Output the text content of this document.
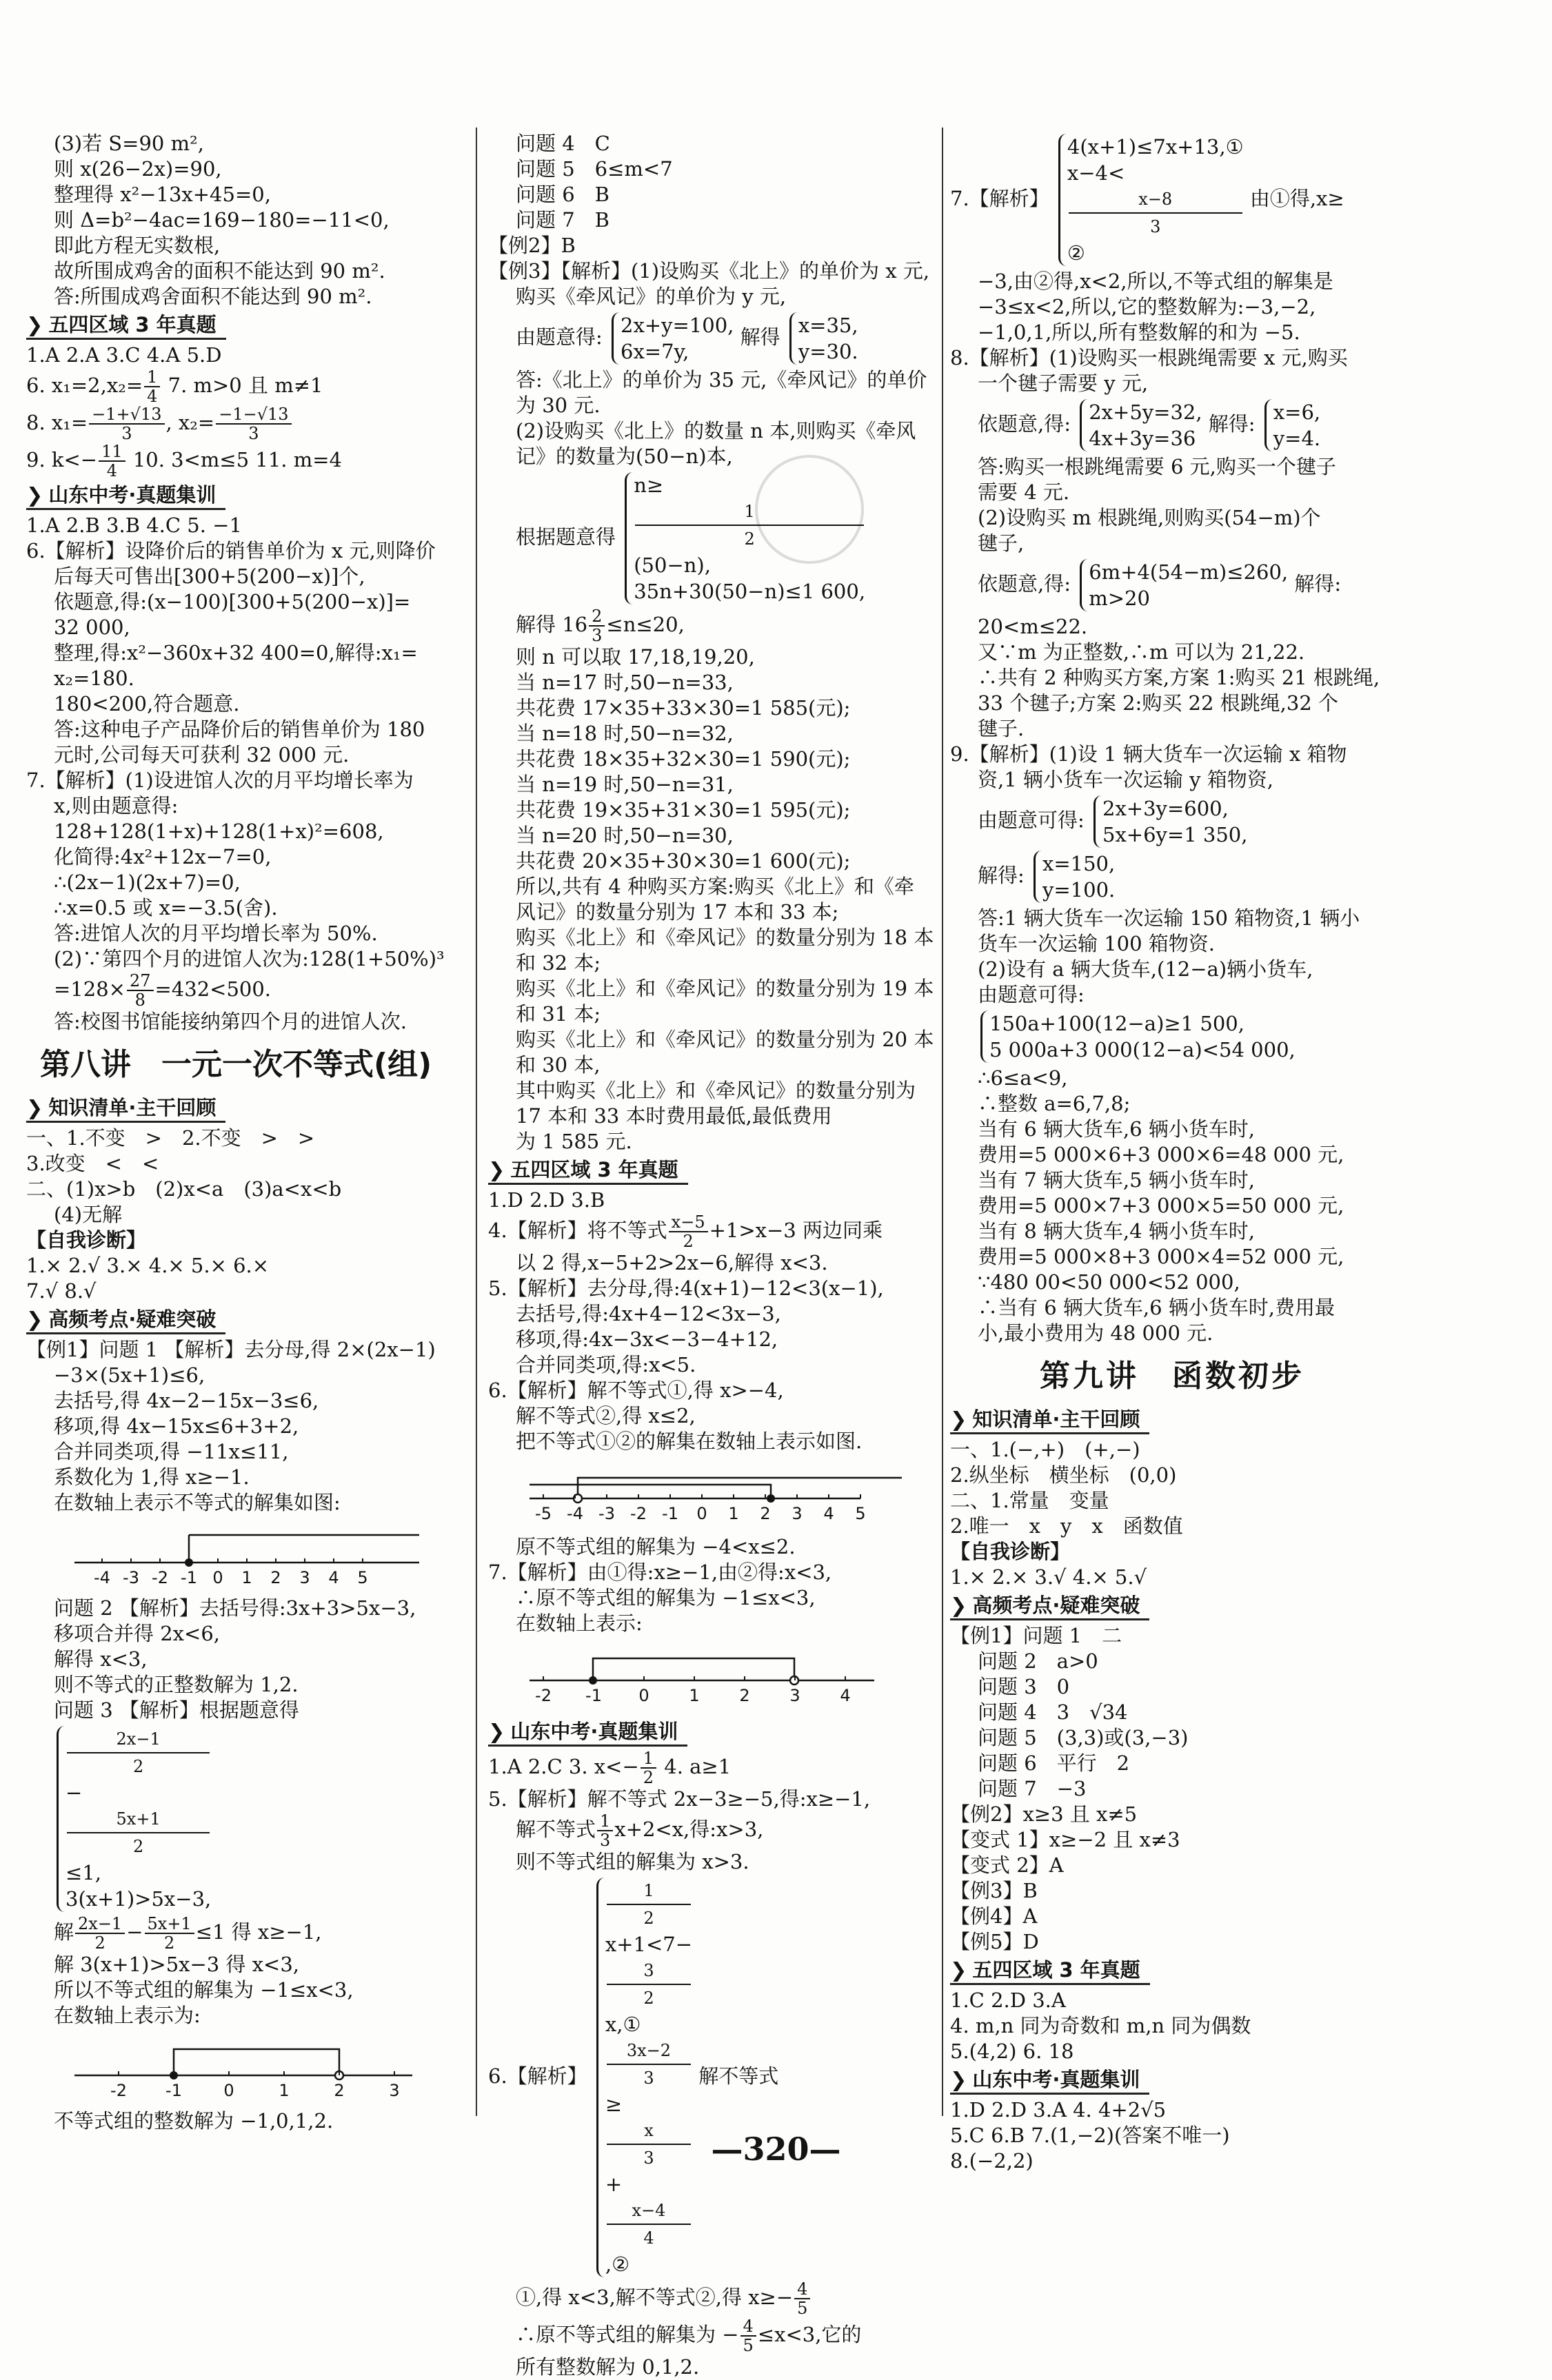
(3)若 S=90 m²,
则 x(26−2x)=90,
整理得 x²−13x+45=0,
则 Δ=b²−4ac=169−180=−11<0,
即此方程无实数根,
故所围成鸡舍的面积不能达到 90 m².
答:所围成鸡舍面积不能达到 90 m².
❯ 五四区域 3 年真题
1.A 2.A 3.C 4.A 5.D
6. $x_1=2,x_2= \frac{1}{4} 7$. m>0 且 m≠1
8. $x_1= \frac{-1+√13}{3}$ , $x_2= \frac{-1-√13}{3}$
9. $k<- \frac{11}{4} 10$. 3<m≤5 11. m=4
❯ 山东中考·真题集训
1.A 2.B 3.B 4.C 5. −1
6.【解析】设降价后的销售单价为 x 元,则降价
后每天可售出[300+5(200−x)]个,
依题意,得:(x−100)[300+5(200−x)]=
32 000,
整理,得:x²−360x+32 400=0,解得:x₁=
x₂=180.
180<200,符合题意.
答:这种电子产品降价后的销售单价为 180
元时,公司每天可获利 32 000 元.
7.【解析】(1)设进馆人次的月平均增长率为
x,则由题意得:
128+128(1+x)+128(1+x)²=608,
化简得:4x²+12x−7=0,
∴(2x−1)(2x+7)=0,
∴x=0.5 或 x=−3.5(舍).
答:进馆人次的月平均增长率为 50%.
(2)∵第四个月的进馆人次为:128(1+50%)³
$=128\times \frac{27}{8} =432<500$.
答:校图书馆能接纳第四个月的进馆人次.
第八讲　一元一次不等式(组)
❯ 知识清单·主干回顾
一、1.不变　>　2.不变　>　>
3.改变　<　<
二、(1)x>b　(2)x<a　(3)a<x<b
(4)无解
【自我诊断】
1.× 2.√ 3.× 4.× 5.× 6.×
7.√ 8.√
❯ 高频考点·疑难突破
【例1】问题 1 【解析】去分母,得 2×(2x−1)
−3×(5x+1)≤6,
去括号,得 4x−2−15x−3≤6,
移项,得 4x−15x≤6+3+2,
合并同类项,得 −11x≤11,
系数化为 1,得 x≥−1.
在数轴上表示不等式的解集如图:
-4 -3 -2 -1 0 1 2 3 4 5
问题 2 【解析】去括号得:3x+3>5x−3,
移项合并得 2x<6,
解得 x<3,
则不等式的正整数解为 1,2.
问题 3 【解析】根据题意得
2x−1
2
−
5x+1
2
≤1,
3(x+1)>5x−3,
解 $\frac{2x-1}{2} - \frac{5x+1}{2} \le 1$ 得 x≥−1,
解 3(x+1)>5x−3 得 x<3,
所以不等式组的解集为 −1≤x<3,
在数轴上表示为:
-2 -1	0	1	2	3
不等式组的整数解为 −1,0,1,2.
问题 4　C
问题 5　6≤m<7
问题 6　B
问题 7　B
【例2】B
【例3】【解析】(1)设购买《北上》的单价为 x 元,
购买《牵风记》的单价为 y 元,
由题意得: 2x+y=100,
6x=7y,
解得 x=35,
y=30.
答:《北上》的单价为 35 元,《牵风记》的单价
为 30 元.
(2)设购买《北上》的数量 n 本,则购买《牵风
记》的数量为(50−n)本,
根据题意得
n≥
1
2
(50−n),
35n+30(50−n)≤1 600,
解得 $16 \frac{2}{3} \le n\le 20$,
则 n 可以取 17,18,19,20,
当 n=17 时,50−n=33,
共花费 17×35+33×30=1 585(元);
当 n=18 时,50−n=32,
共花费 18×35+32×30=1 590(元);
当 n=19 时,50−n=31,
共花费 19×35+31×30=1 595(元);
当 n=20 时,50−n=30,
共花费 20×35+30×30=1 600(元);
所以,共有 4 种购买方案:购买《北上》和《牵
风记》的数量分别为 17 本和 33 本;
购买《北上》和《牵风记》的数量分别为 18 本
和 32 本;
购买《北上》和《牵风记》的数量分别为 19 本
和 31 本;
购买《北上》和《牵风记》的数量分别为 20 本
和 30 本,
其中购买《北上》和《牵风记》的数量分别为
17 本和 33 本时费用最低,最低费用
为 1 585 元.
❯ 五四区域 3 年真题
1.D 2.D 3.B
4.【解析】将不等式 $\frac{x-5}{2} +1>x-3$ 两边同乘
以 2 得,x−5+2>2x−6,解得 x<3.
5.【解析】去分母,得:4(x+1)−12<3(x−1),
去括号,得:4x+4−12<3x−3,
移项,得:4x−3x<−3−4+12,
合并同类项,得:x<5.
6.【解析】解不等式①,得 x>−4,
解不等式②,得 x≤2,
把不等式①②的解集在数轴上表示如图.
-5 -4 -3 -2 -1 0 1 2 3 4 5
原不等式组的解集为 −4<x≤2.
7.【解析】由①得:x≥−1,由②得:x<3,
∴原不等式组的解集为 −1≤x<3,
在数轴上表示:
-2 -1 0 1 2 3 4
❯ 山东中考·真题集训
1.A 2.C 3. $x<- \frac{1}{2} 4$. a≥1
5.【解析】解不等式 2x−3≥−5,得:x≥−1,
解不等式 $\frac{1}{3} x+2<x$,得:x>3,
则不等式组的解集为 x>3.
6.【解析】
1
2
x+1<7−
3
2
x,①
3x−2
3
≥
x
3
+
x−4
4
,②
解不等式
①,得 x<3,解不等式②,得 $x\ge- \frac{4}{5}$
∴原不等式组的解集为 − $\frac{4}{5} \le x<3$,它的
所有整数解为 0,1,2.
7.【解析】
4(x+1)≤7x+13,①
x−4<
x−8
3
②
由①得,x≥
−3,由②得,x<2,所以,不等式组的解集是
−3≤x<2,所以,它的整数解为:−3,−2,
−1,0,1,所以,所有整数解的和为 −5.
8.【解析】(1)设购买一根跳绳需要 x 元,购买
一个毽子需要 y 元,
依题意,得: 2x+5y=32,
4x+3y=36
解得: x=6,
y=4.
答:购买一根跳绳需要 6 元,购买一个毽子
需要 4 元.
(2)设购买 m 根跳绳,则购买(54−m)个
毽子,
依题意,得: 6m+4(54−m)≤260,
m>20
解得:
20<m≤22.
又∵m 为正整数,∴m 可以为 21,22.
∴共有 2 种购买方案,方案 1:购买 21 根跳绳,
33 个毽子;方案 2:购买 22 根跳绳,32 个
毽子.
9.【解析】(1)设 1 辆大货车一次运输 x 箱物
资,1 辆小货车一次运输 y 箱物资,
由题意可得: 2x+3y=600,
5x+6y=1 350,
解得: x=150,
y=100.
答:1 辆大货车一次运输 150 箱物资,1 辆小
货车一次运输 100 箱物资.
(2)设有 a 辆大货车,(12−a)辆小货车,
由题意可得:
150a+100(12−a)≥1 500,
5 000a+3 000(12−a)<54 000,
∴6≤a<9,
∴整数 a=6,7,8;
当有 6 辆大货车,6 辆小货车时,
费用=5 000×6+3 000×6=48 000 元,
当有 7 辆大货车,5 辆小货车时,
费用=5 000×7+3 000×5=50 000 元,
当有 8 辆大货车,4 辆小货车时,
费用=5 000×8+3 000×4=52 000 元,
∵480 00<50 000<52 000,
∴当有 6 辆大货车,6 辆小货车时,费用最
小,最小费用为 48 000 元.
第九讲　函数初步
❯ 知识清单·主干回顾
一、1.(−,+)　(+,−)
2.纵坐标　横坐标　(0,0)
二、1.常量　变量
2.唯一　x　y　x　函数值
【自我诊断】
1.× 2.× 3.√ 4.× 5.√
❯ 高频考点·疑难突破
【例1】问题 1　二
问题 2　a>0
问题 3　0
问题 4　3　√34
问题 5　(3,3)或(3,−3)
问题 6　平行　2
问题 7　−3
【例2】x≥3 且 x≠5
【变式 1】x≥−2 且 x≠3
【变式 2】A
【例3】B
【例4】A
【例5】D
❯ 五四区域 3 年真题
1.C 2.D 3.A
4. m,n 同为奇数和 m,n 同为偶数
5.(4,2) 6. 18
❯ 山东中考·真题集训
1.D 2.D 3.A 4. 4+2√5
5.C 6.B 7.(1,−2)(答案不唯一)
8.(−2,2)
—320—
